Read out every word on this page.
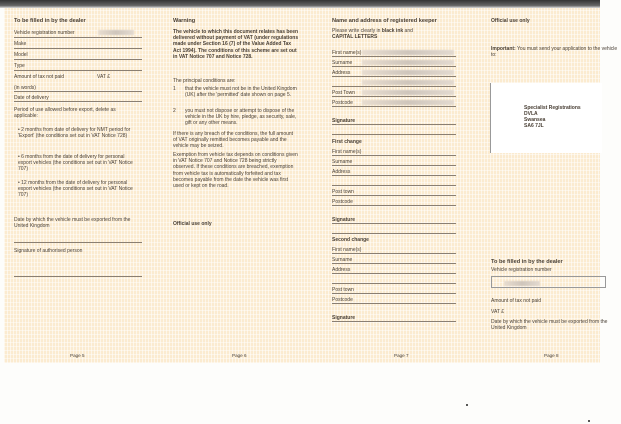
To be filled in by the dealer
Vehicle registration number
Make
Model
Type
Amount of tax not paid	VAT £
(in words)
Date of delivery
Period of use allowed before export, delete as applicable:
• 2 months from date of delivery for NMT period for 'Export' (the conditions set out in VAT Notice 728)
• 6 months from the date of delivery for personal export vehicles (the conditions set out in VAT Notice 707)
• 12 months from the date of delivery for personal export vehicles (the conditions set out in VAT Notice 707)
Date by which the vehicle must be exported from the United Kingdom
Signature of authorised person
Page 5
Warning
The vehicle to which this document relates has been delivered without payment of VAT (under regulations made under Section 16 (7) of the Value Added Tax Act 1994). The conditions of this scheme are set out in VAT Notice 707 and Notice 728.
The principal conditions are:
1 that the vehicle must not be in the United Kingdom (UK) after the 'permitted' date shown on page 5.
2 you must not dispose or attempt to dispose of the vehicle in the UK by hire, pledge, as security, sale, gift or any other means.
If there is any breach of the conditions, the full amount of VAT originally remitted becomes payable and the vehicle may be seized.
Exemption from vehicle tax depends on conditions given in VAT Notice 707 and Notice 728 being strictly observed. If these conditions are breached, exemption from vehicle tax is automatically forfeited and tax becomes payable from the date the vehicle was first used or kept on the road.
Official use only
Page 6
Name and address of registered keeper
Please write clearly in black ink and
CAPITAL LETTERS
First name(s)
Surname
Address
Post Town
Postcode
Signature
First change
First name(s)
Surname
Address
Post town
Postcode
Signature
Second change
First name(s)
Surname
Address
Post town
Postcode
Signature
Page 7
Official use only
Important: You must send your application to the vehicle to:
Specialist Registrations
DVLA
Swansea
SA6 7JL
To be filled in by the dealer
Vehicle registration number
Amount of tax not paid
VAT £
Date by which the vehicle must be exported from the United Kingdom
Page 8
